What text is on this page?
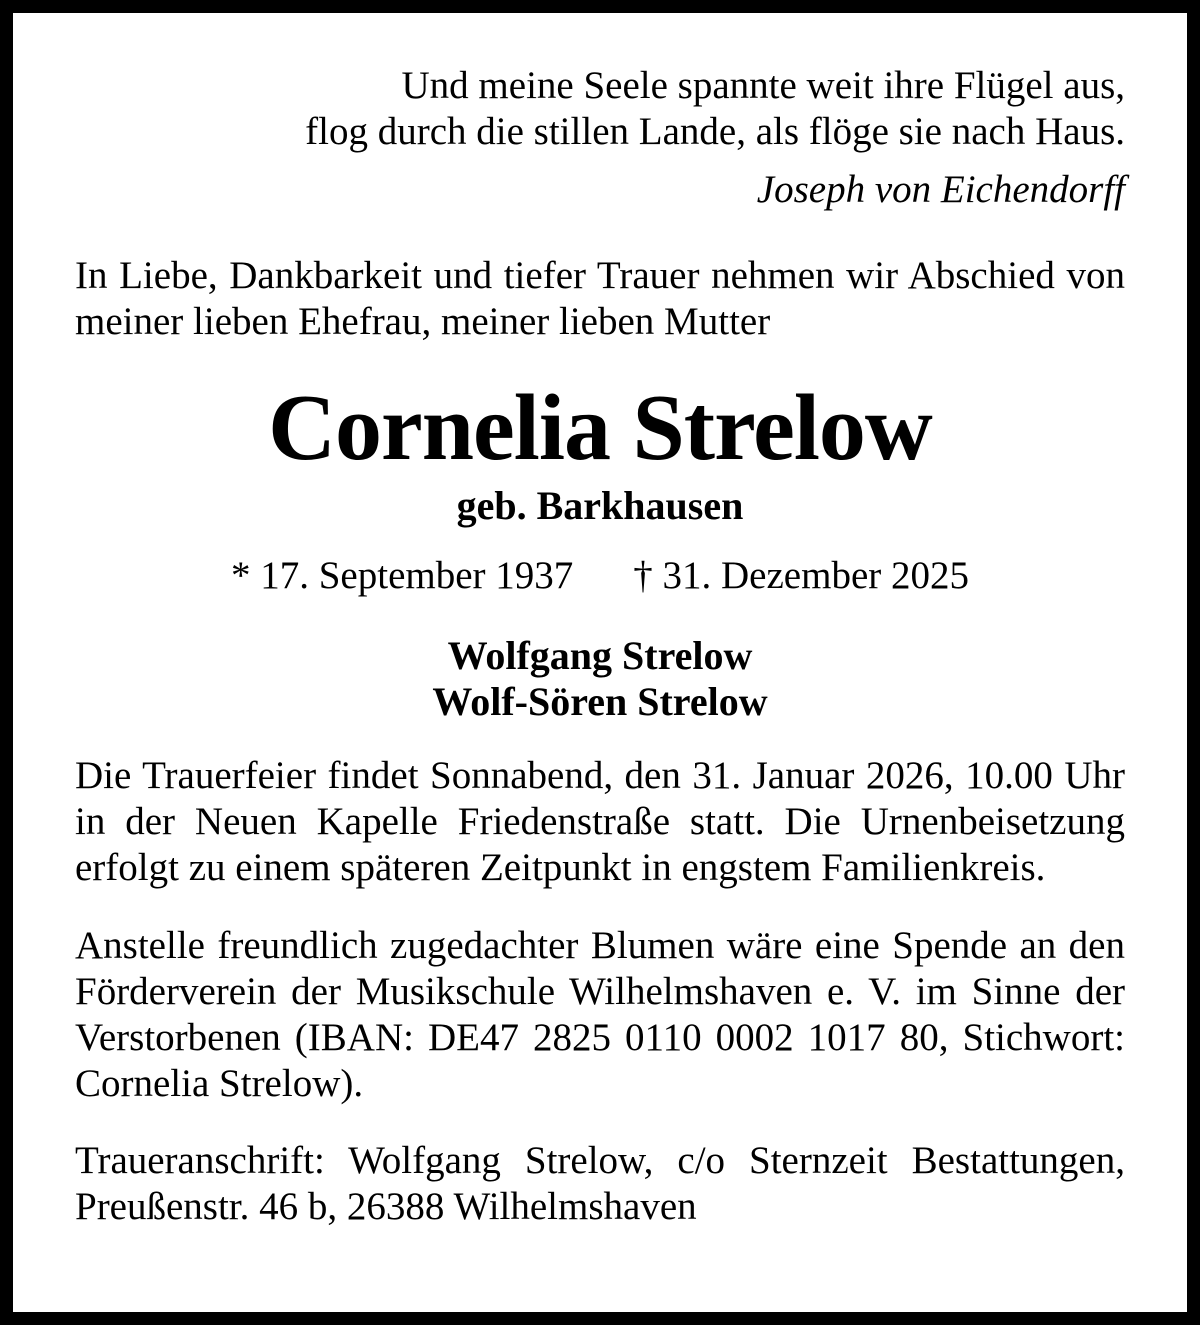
Und meine Seele spannte weit ihre Flügel aus,
flog durch die stillen Lande, als flöge sie nach Haus.
Joseph von Eichendorff

In Liebe, Dankbarkeit und tiefer Trauer nehmen wir Abschied von meiner lieben Ehefrau, meiner lieben Mutter

Cornelia Strelow
geb. Barkhausen
* 17. September 1937 † 31. Dezember 2025
Wolfgang Strelow
Wolf-Sören Strelow

Die Trauerfeier findet Sonnabend, den 31. Januar 2026, 10.00 Uhr in der Neuen Kapelle Friedenstraße statt. Die Urnenbeisetzung erfolgt zu einem späteren Zeitpunkt in engstem Familienkreis.

Anstelle freundlich zugedachter Blumen wäre eine Spende an den Förderverein der Musikschule Wilhelmshaven e. V. im Sinne der Verstorbenen (IBAN: DE47 2825 0110 0002 1017 80, Stichwort: Cornelia Strelow).

Traueranschrift: Wolfgang Strelow, c/o Sternzeit Bestattungen, Preußenstr. 46 b, 26388 Wilhelmshaven
